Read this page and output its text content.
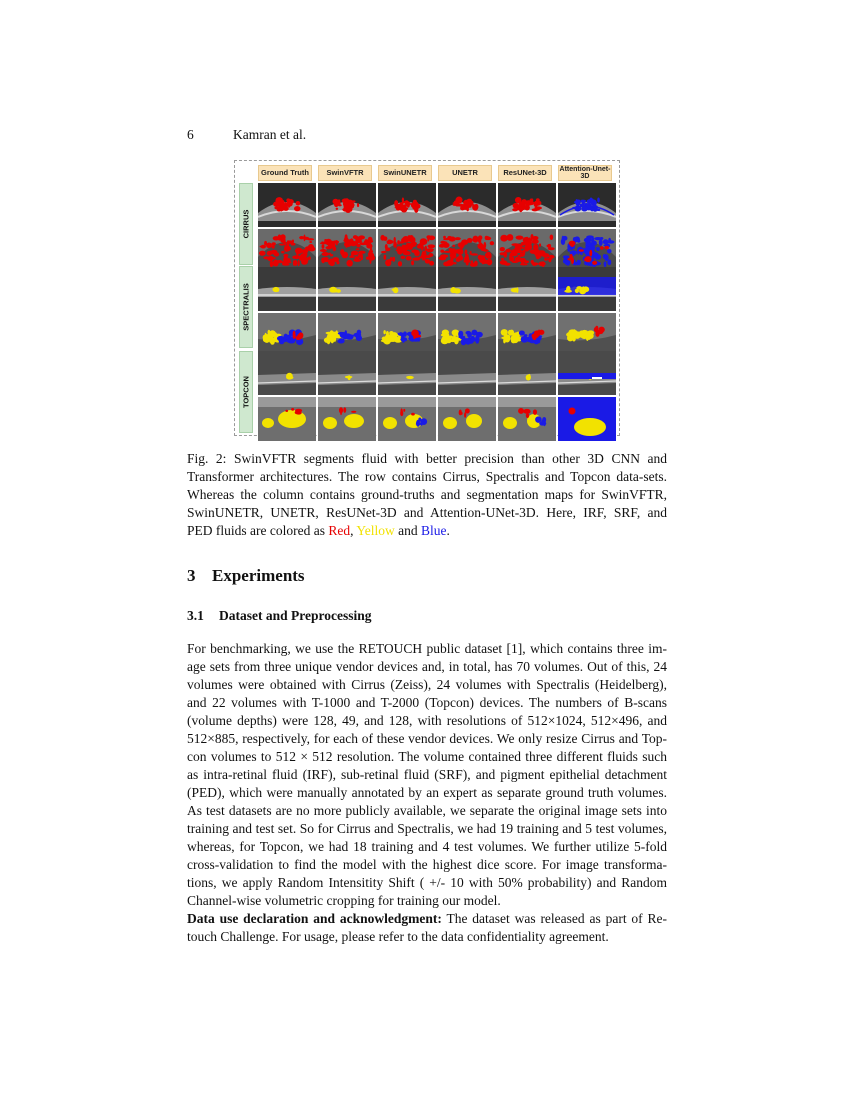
6	Kamran et al.
Ground Truth	SwinVFTR	SwinUNETR	UNETR	ResUNet-3D	Attention-Unet-3D
CIRRUS
SPECTRALIS
TOPCON
Fig. 2: SwinVFTR segments fluid with better precision than other 3D CNN and
Transformer architectures. The row contains Cirrus, Spectralis and Topcon data-sets.
Whereas the column contains ground-truths and segmentation maps for SwinVFTR,
SwinUNETR, UNETR, ResUNet-3D and Attention-UNet-3D. Here, IRF, SRF, and
PED fluids are colored as Red, Yellow and Blue.
3 Experiments
3.1 Dataset and Preprocessing
For benchmarking, we use the RETOUCH public dataset [1], which contains three im-
age sets from three unique vendor devices and, in total, has 70 volumes. Out of this, 24
volumes were obtained with Cirrus (Zeiss), 24 volumes with Spectralis (Heidelberg),
and 22 volumes with T-1000 and T-2000 (Topcon) devices. The numbers of B-scans
(volume depths) were 128, 49, and 128, with resolutions of 512×1024, 512×496, and
512×885, respectively, for each of these vendor devices. We only resize Cirrus and Top-
con volumes to 512 × 512 resolution. The volume contained three different fluids such
as intra-retinal fluid (IRF), sub-retinal fluid (SRF), and pigment epithelial detachment
(PED), which were manually annotated by an expert as separate ground truth volumes.
As test datasets are no more publicly available, we separate the original image sets into
training and test set. So for Cirrus and Spectralis, we had 19 training and 5 test volumes,
whereas, for Topcon, we had 18 training and 4 test volumes. We further utilize 5-fold
cross-validation to find the model with the highest dice score. For image transforma-
tions, we apply Random Intensitity Shift ( +/- 10 with 50% probability) and Random
Channel-wise volumetric cropping for training our model.
Data use declaration and acknowledgment: The dataset was released as part of Re-
touch Challenge. For usage, please refer to the data confidentiality agreement.
